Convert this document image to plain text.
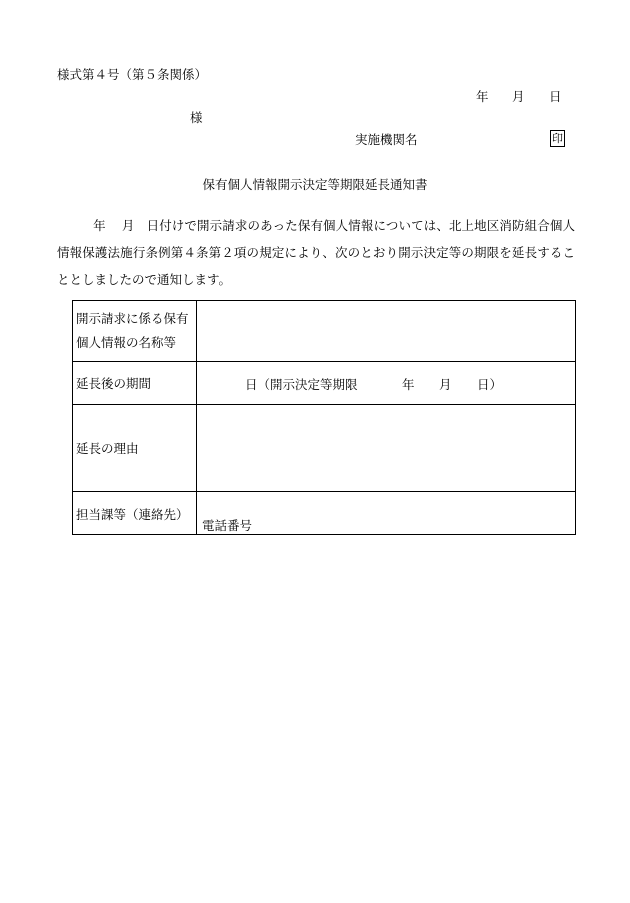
様式第４号（第５条関係）
年 月 日
様
実施機関名	印
保有個人情報開示決定等期限延長通知書
年 月 日付けで開示請求のあった保有個人情報については、北上地区消防組合個人情報保護法施行条例第４条第２項の規定により、次のとおり開示決定等の期限を延長することとしましたので通知します。
開示請求に係る保有
個人情報の名称等	

延長後の期間	日（開示決定等期限 年 月 日）

延長の理由	

担当課等（連絡先）	電話番号
